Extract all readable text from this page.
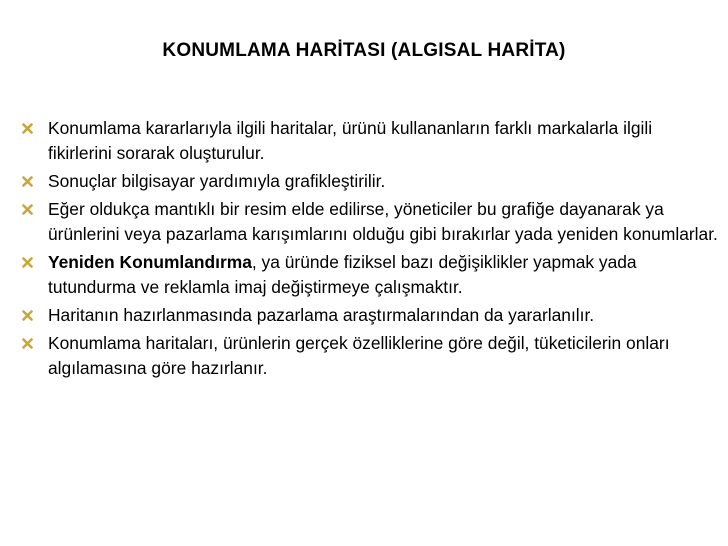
KONUMLAMA HARİTASI (ALGISAL HARİTA)
Konumlama kararlarıyla ilgili haritalar, ürünü kullananların farklı markalarla ilgili fikirlerini sorarak oluşturulur.
Sonuçlar bilgisayar yardımıyla grafikleştirilir.
Eğer oldukça mantıklı bir resim elde edilirse, yöneticiler bu grafiğe dayanarak ya ürünlerini veya pazarlama karışımlarını olduğu gibi bırakırlar yada yeniden konumlarlar.
Yeniden Konumlandırma, ya üründe fiziksel bazı değişiklikler yapmak yada tutundurma ve reklamla imaj değiştirmeye çalışmaktır.
Haritanın hazırlanmasında pazarlama araştırmalarından da yararlanılır.
Konumlama haritaları, ürünlerin gerçek özelliklerine göre değil, tüketicilerin onları algılamasına göre hazırlanır.
